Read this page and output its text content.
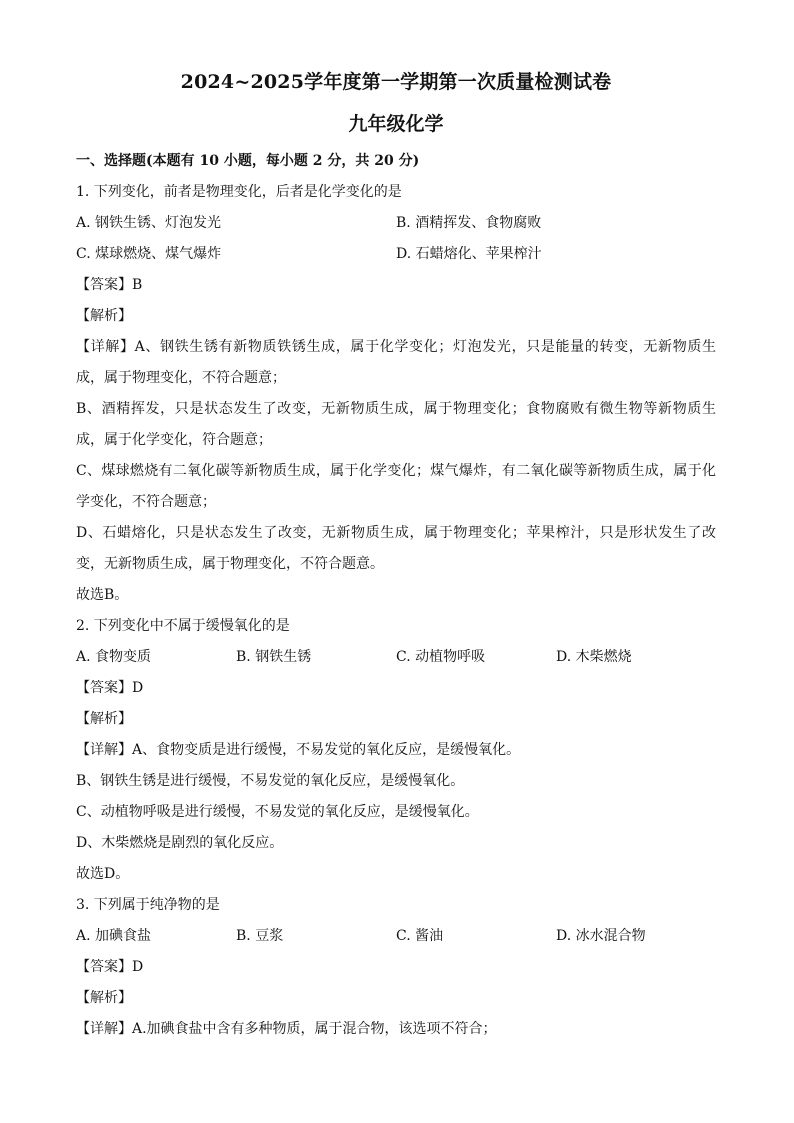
2024~2025学年度第一学期第一次质量检测试卷
九年级化学
一、选择题(本题有 10 小题，每小题 2 分，共 20 分)
1. 下列变化，前者是物理变化，后者是化学变化的是
A. 钢铁生锈、灯泡发光	B. 酒精挥发、食物腐败
C. 煤球燃烧、煤气爆炸	D. 石蜡熔化、苹果榨汁
【答案】B
【解析】
【详解】A、钢铁生锈有新物质铁锈生成，属于化学变化；灯泡发光，只是能量的转变，无新物质生成，属于物理变化，不符合题意；
B、酒精挥发，只是状态发生了改变，无新物质生成，属于物理变化；食物腐败有微生物等新物质生成，属于化学变化，符合题意；
C、煤球燃烧有二氧化碳等新物质生成，属于化学变化；煤气爆炸，有二氧化碳等新物质生成，属于化学变化，不符合题意；
D、石蜡熔化，只是状态发生了改变，无新物质生成，属于物理变化；苹果榨汁，只是形状发生了改变，无新物质生成，属于物理变化，不符合题意。
故选B。
2. 下列变化中不属于缓慢氧化的是
A. 食物变质	B. 钢铁生锈	C. 动植物呼吸	D. 木柴燃烧
【答案】D
【解析】
【详解】A、食物变质是进行缓慢，不易发觉的氧化反应，是缓慢氧化。
B、钢铁生锈是进行缓慢，不易发觉的氧化反应，是缓慢氧化。
C、动植物呼吸是进行缓慢，不易发觉的氧化反应，是缓慢氧化。
D、木柴燃烧是剧烈的氧化反应。
故选D。
3. 下列属于纯净物的是
A. 加碘食盐	B. 豆浆	C. 酱油	D. 冰水混合物
【答案】D
【解析】
【详解】A.加碘食盐中含有多种物质，属于混合物，该选项不符合；
